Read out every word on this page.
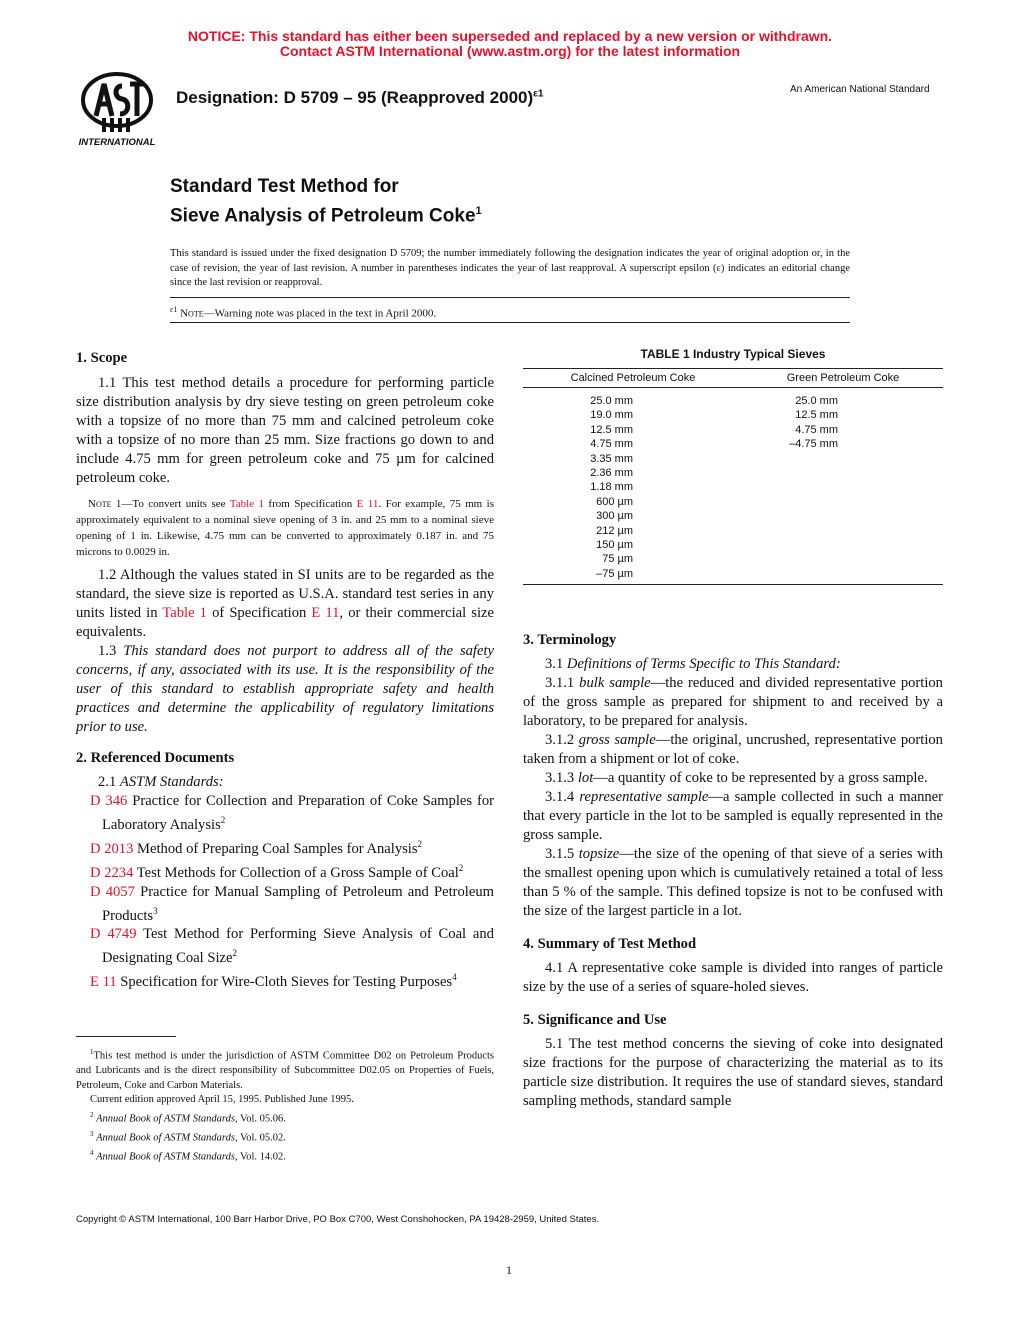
NOTICE: This standard has either been superseded and replaced by a new version or withdrawn.
Contact ASTM International (www.astm.org) for the latest information
INTERNATIONAL
Designation: D 5709 – 95 (Reapproved 2000)$^{\varepsilon 1}$	An American National Standard
Standard Test Method for
Sieve Analysis of Petroleum Coke$^1$
This standard is issued under the fixed designation D 5709; the number immediately following the designation indicates the year of original adoption or, in the case of revision, the year of last revision. A number in parentheses indicates the year of last reapproval. A superscript epsilon (ε) indicates an editorial change since the last revision or reapproval.
$^{\varepsilon 1}$ Note—Warning note was placed in the text in April 2000.
1. Scope

1.1 This test method details a procedure for performing particle size distribution analysis by dry sieve testing on green petroleum coke with a topsize of no more than 75 mm and calcined petroleum coke with a topsize of no more than 25 mm. Size fractions go down to and include 4.75 mm for green petroleum coke and 75 µm for calcined petroleum coke.

Note 1—To convert units see Table 1 from Specification E 11. For example, 75 mm is approximately equivalent to a nominal sieve opening of 3 in. and 25 mm to a nominal sieve opening of 1 in. Likewise, 4.75 mm can be converted to approximately 0.187 in. and 75 microns to 0.0029 in.

1.2 Although the values stated in SI units are to be regarded as the standard, the sieve size is reported as U.S.A. standard test series in any units listed in Table 1 of Specification E 11, or their commercial size equivalents.

1.3 This standard does not purport to address all of the safety concerns, if any, associated with its use. It is the responsibility of the user of this standard to establish appropriate safety and health practices and determine the applicability of regulatory limitations prior to use.

2. Referenced Documents

2.1 ASTM Standards:

D 346 Practice for Collection and Preparation of Coke Samples for Laboratory Analysis$^2$

D 2013 Method of Preparing Coal Samples for Analysis$^2$

D 2234 Test Methods for Collection of a Gross Sample of Coal$^2$

D 4057 Practice for Manual Sampling of Petroleum and Petroleum Products$^3$

D 4749 Test Method for Performing Sieve Analysis of Coal and Designating Coal Size$^2$

E 11 Specification for Wire-Cloth Sieves for Testing Purposes$^4$

$^1$This test method is under the jurisdiction of ASTM Committee D02 on Petroleum Products and Lubricants and is the direct responsibility of Subcommittee D02.05 on Properties of Fuels, Petroleum, Coke and Carbon Materials.
Current edition approved April 15, 1995. Published June 1995.
$^2$ Annual Book of ASTM Standards, Vol. 05.06.
$^3$ Annual Book of ASTM Standards, Vol. 05.02.
$^4$ Annual Book of ASTM Standards, Vol. 14.02.
TABLE 1 Industry Typical Sieves
Calcined Petroleum Coke	Green Petroleum Coke
25.0 mm
19.0 mm
12.5 mm
4.75 mm
3.35 mm
2.36 mm
1.18 mm
600 µm
300 µm
212 µm
150 µm
75 µm
–75 µm
25.0 mm
12.5 mm
4.75 mm
–4.75 mm
3. Terminology

3.1 Definitions of Terms Specific to This Standard:

3.1.1 bulk sample—the reduced and divided representative portion of the gross sample as prepared for shipment to and received by a laboratory, to be prepared for analysis.

3.1.2 gross sample—the original, uncrushed, representative portion taken from a shipment or lot of coke.

3.1.3 lot—a quantity of coke to be represented by a gross sample.

3.1.4 representative sample—a sample collected in such a manner that every particle in the lot to be sampled is equally represented in the gross sample.

3.1.5 topsize—the size of the opening of that sieve of a series with the smallest opening upon which is cumulatively retained a total of less than 5 % of the sample. This defined topsize is not to be confused with the size of the largest particle in a lot.

4. Summary of Test Method

4.1 A representative coke sample is divided into ranges of particle size by the use of a series of square-holed sieves.

5. Significance and Use

5.1 The test method concerns the sieving of coke into designated size fractions for the purpose of characterizing the material as to its particle size distribution. It requires the use of standard sieves, standard sampling methods, standard sample

Copyright © ASTM International, 100 Barr Harbor Drive, PO Box C700, West Conshohocken, PA 19428-2959, United States.
1
